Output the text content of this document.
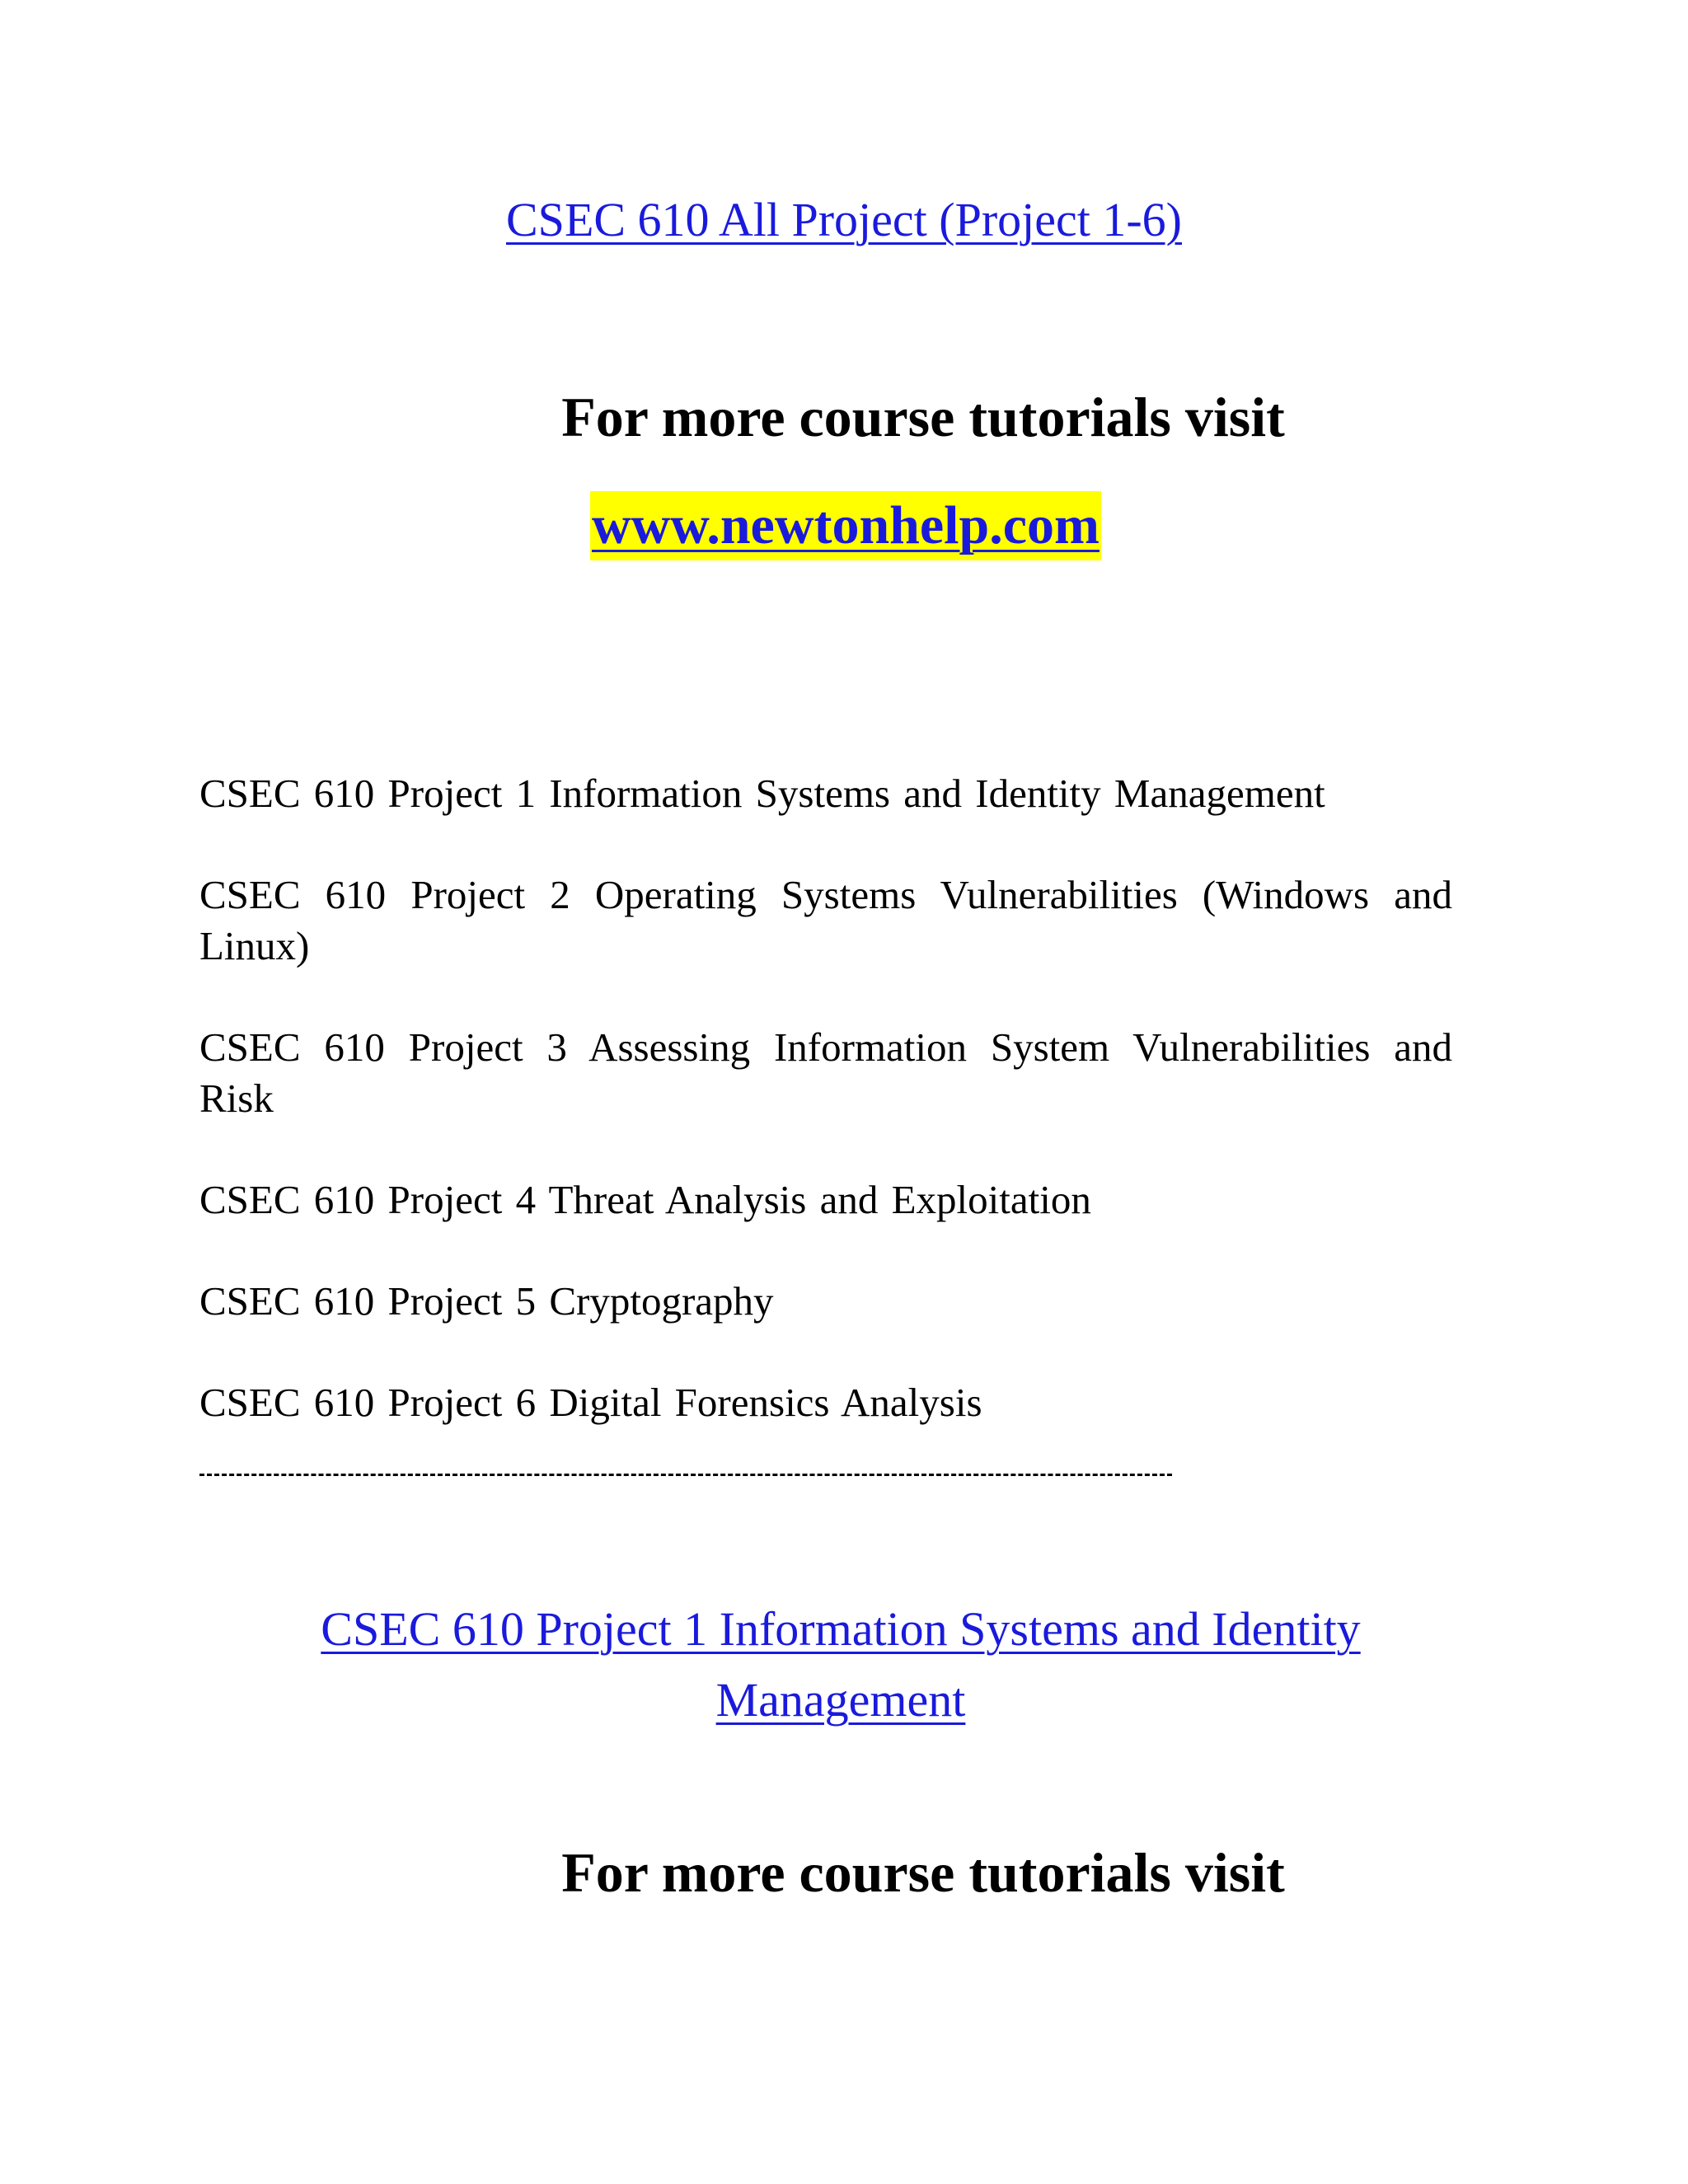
CSEC 610 All Project (Project 1-6)
For more course tutorials visit
www.newtonhelp.com
CSEC 610 Project 1 Information Systems and Identity Management
CSEC 610 Project 2 Operating Systems Vulnerabilities (Windows and Linux)
CSEC 610 Project 3 Assessing Information System Vulnerabilities and Risk
CSEC 610 Project 4 Threat Analysis and Exploitation
CSEC 610 Project 5 Cryptography
CSEC 610 Project 6 Digital Forensics Analysis
CSEC 610 Project 1 Information Systems and Identity Management
For more course tutorials visit
